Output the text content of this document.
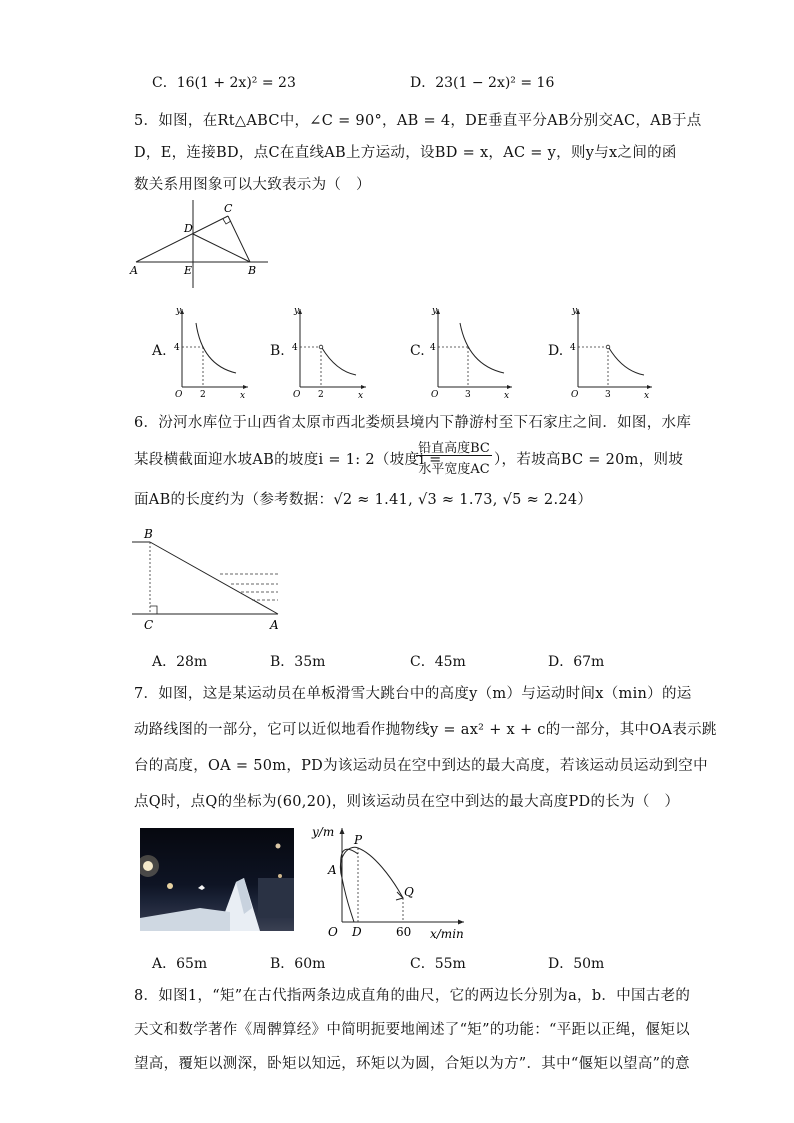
C．16(1 + 2x)² = 23	D．23(1 − 2x)² = 16
5．如图，在Rt△ABC中，∠C = 90°，AB = 4，DE垂直平分AB分别交AC，AB于点
D，E，连接BD，点C在直线AB上方运动，设BD = x，AC = y，则y与x之间的函
数关系用图象可以大致表示为（　）
A	B
C
D
E
A.
y
x
O
4
2
B.
y
x
O
4
2
C.
y
x
O
4
3
D.
y
x
O
4
3
6．汾河水库位于山西省太原市西北娄烦县境内下静游村至下石家庄之间．如图，水库
某段横截面迎水坡AB的坡度i = 1: 2（坡度i =
铅直高度BC
水平宽度AC
），若坡高BC = 20m，则坡
面AB的长度约为（参考数据：√2 ≈ 1.41, √3 ≈ 1.73, √5 ≈ 2.24）
B
C	A
A．28m	B．35m	C．45m	D．67m
7．如图，这是某运动员在单板滑雪大跳台中的高度y（m）与运动时间x（min）的运
动路线图的一部分，它可以近似地看作抛物线y = ax² + x + c的一部分，其中OA表示跳
台的高度，OA = 50m，PD为该运动员在空中到达的最大高度，若该运动员运动到空中
点Q时，点Q的坐标为(60,20)，则该运动员在空中到达的最大高度PD的长为（　）
y/m
x/min
O D
A
P
Q
60
A．65m	B．60m	C．55m	D．50m
8．如图1，“矩”在古代指两条边成直角的曲尺，它的两边长分别为a，b．中国古老的
天文和数学著作《周髀算经》中简明扼要地阐述了“矩”的功能：“平距以正绳，偃矩以
望高，覆矩以测深，卧矩以知远，环矩以为圆，合矩以为方”．其中“偃矩以望高”的意
